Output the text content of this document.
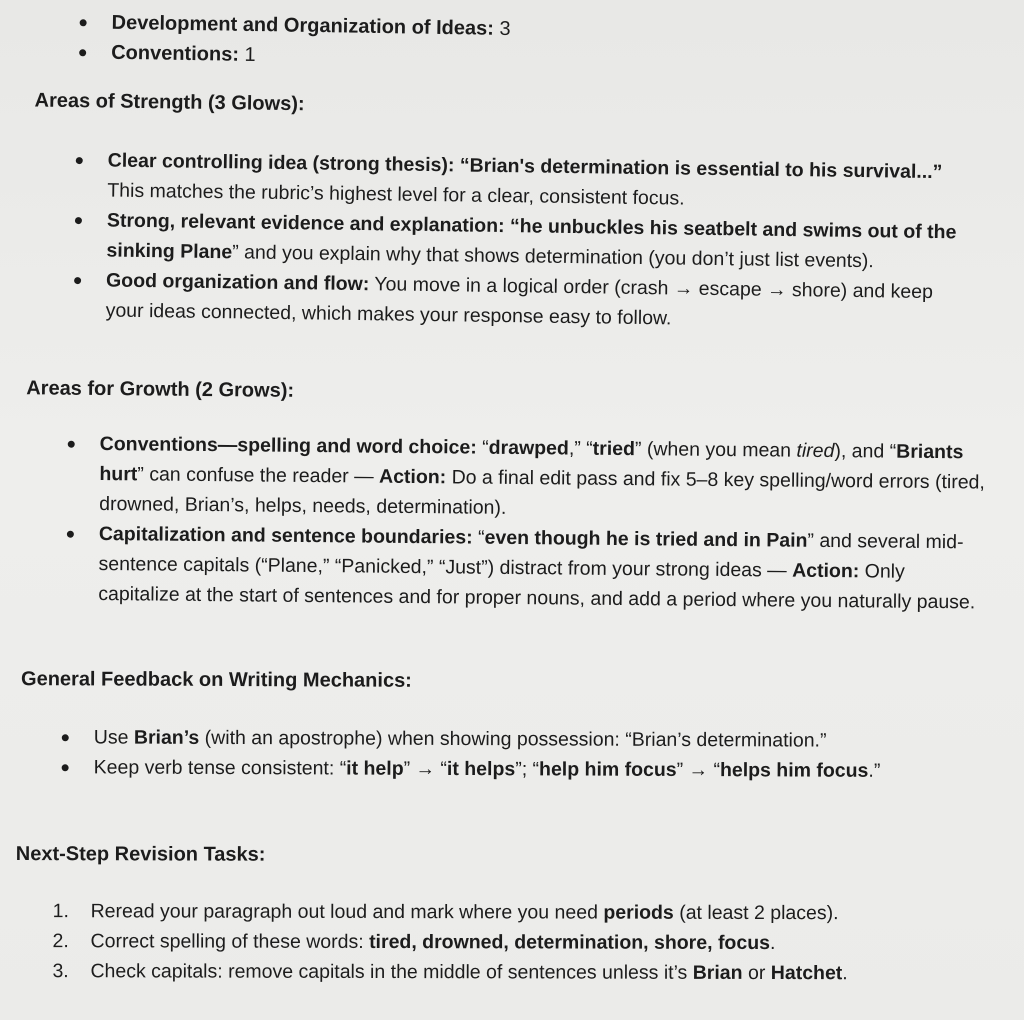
Development and Organization of Ideas: 3
Conventions: 1
Areas of Strength (3 Glows):
Clear controlling idea (strong thesis): “Brian's determination is essential to his survival...” This matches the rubric’s highest level for a clear, consistent focus.
Strong, relevant evidence and explanation: “he unbuckles his seatbelt and swims out of the sinking Plane” and you explain why that shows determination (you don’t just list events).
Good organization and flow: You move in a logical order (crash → escape → shore) and keep your ideas connected, which makes your response easy to follow.
Areas for Growth (2 Grows):
Conventions—spelling and word choice: “drawped,” “tried” (when you mean tired), and “Briants hurt” can confuse the reader — Action: Do a final edit pass and fix 5–8 key spelling/word errors (tired, drowned, Brian’s, helps, needs, determination).
Capitalization and sentence boundaries: “even though he is tried and in Pain” and several mid-sentence capitals (“Plane,” “Panicked,” “Just”) distract from your strong ideas — Action: Only capitalize at the start of sentences and for proper nouns, and add a period where you naturally pause.
General Feedback on Writing Mechanics:
Use Brian’s (with an apostrophe) when showing possession: “Brian’s determination.”
Keep verb tense consistent: “it help” → “it helps”; “help him focus” → “helps him focus.”
Next-Step Revision Tasks:
1. Reread your paragraph out loud and mark where you need periods (at least 2 places).
2. Correct spelling of these words: tired, drowned, determination, shore, focus.
3. Check capitals: remove capitals in the middle of sentences unless it’s Brian or Hatchet.
